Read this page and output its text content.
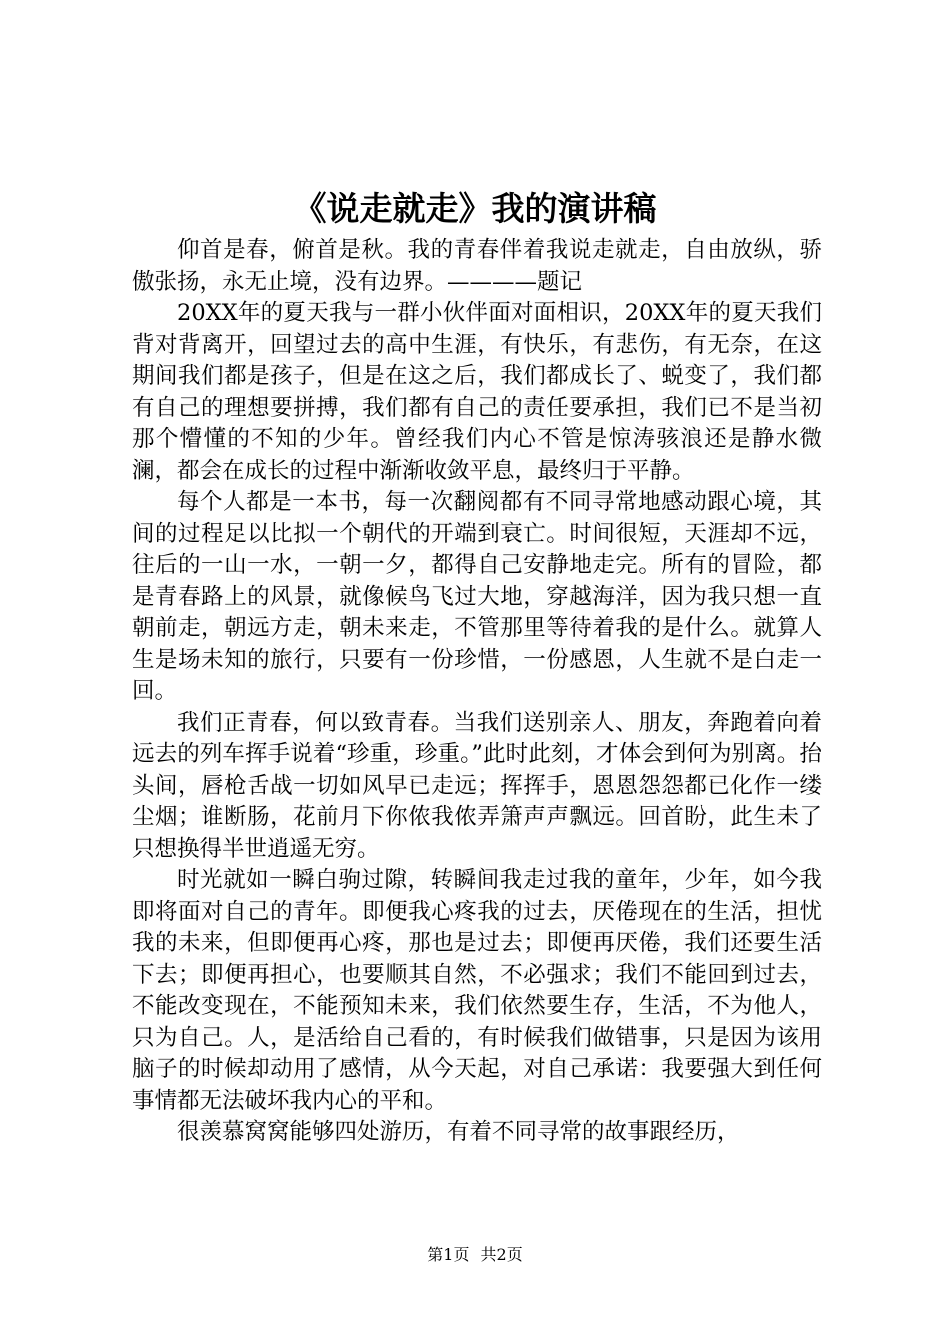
《说走就走》我的演讲稿

仰首是春，俯首是秋。我的青春伴着我说走就走，自由放纵，骄傲张扬，永无止境，没有边界。————题记

20XX年的夏天我与一群小伙伴面对面相识，20XX年的夏天我们背对背离开，回望过去的高中生涯，有快乐，有悲伤，有无奈，在这期间我们都是孩子，但是在这之后，我们都成长了、蜕变了，我们都有自己的理想要拼搏，我们都有自己的责任要承担，我们已不是当初那个懵懂的不知的少年。曾经我们内心不管是惊涛骇浪还是静水微澜，都会在成长的过程中渐渐收敛平息，最终归于平静。

每个人都是一本书，每一次翻阅都有不同寻常地感动跟心境，其间的过程足以比拟一个朝代的开端到衰亡。时间很短，天涯却不远，往后的一山一水，一朝一夕，都得自己安静地走完。所有的冒险，都是青春路上的风景，就像候鸟飞过大地，穿越海洋，因为我只想一直朝前走，朝远方走，朝未来走，不管那里等待着我的是什么。就算人生是场未知的旅行，只要有一份珍惜，一份感恩，人生就不是白走一回。

我们正青春，何以致青春。当我们送别亲人、朋友，奔跑着向着远去的列车挥手说着“珍重，珍重。”此时此刻，才体会到何为别离。抬头间，唇枪舌战一切如风早已走远；挥挥手，恩恩怨怨都已化作一缕尘烟；谁断肠，花前月下你侬我侬弄箫声声飘远。回首盼，此生未了只想换得半世逍遥无穷。

时光就如一瞬白驹过隙，转瞬间我走过我的童年，少年，如今我即将面对自己的青年。即便我心疼我的过去，厌倦现在的生活，担忧我的未来，但即便再心疼，那也是过去；即便再厌倦，我们还要生活下去；即便再担心，也要顺其自然，不必强求；我们不能回到过去，不能改变现在，不能预知未来，我们依然要生存，生活，不为他人，只为自己。人，是活给自己看的，有时候我们做错事，只是因为该用脑子的时候却动用了感情，从今天起，对自己承诺：我要强大到任何事情都无法破坏我内心的平和。

很羡慕窝窝能够四处游历，有着不同寻常的故事跟经历，

第1页 共2页
